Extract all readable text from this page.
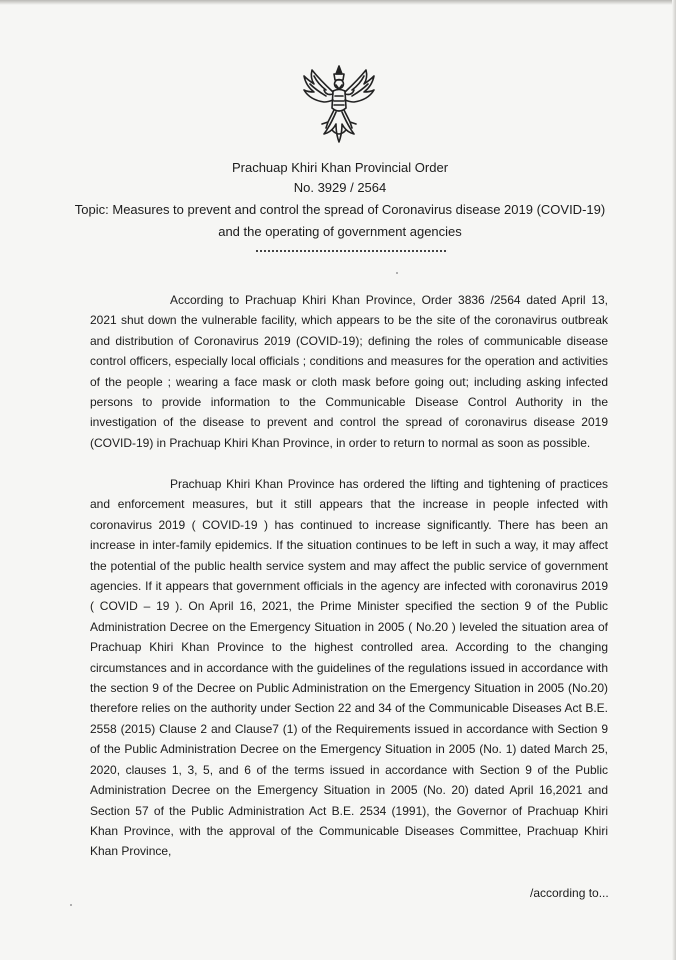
Prachuap Khiri Khan Provincial Order
No. 3929 / 2564
Topic: Measures to prevent and control the spread of Coronavirus disease 2019 (COVID-19)
and the operating of government agencies

According to Prachuap Khiri Khan Province, Order 3836 /2564 dated April 13, 2021 shut down the vulnerable facility, which appears to be the site of the coronavirus outbreak and distribution of Coronavirus 2019 (COVID-19); defining the roles of communicable disease control officers, especially local officials ; conditions and measures for the operation and activities of the people ; wearing a face mask or cloth mask before going out; including asking infected persons to provide information to the Communicable Disease Control Authority in the investigation of the disease to prevent and control the spread of coronavirus disease 2019 (COVID-19) in Prachuap Khiri Khan Province, in order to return to normal as soon as possible.

Prachuap Khiri Khan Province has ordered the lifting and tightening of practices and enforcement measures, but it still appears that the increase in people infected with coronavirus 2019 ( COVID-19 ) has continued to increase significantly. There has been an increase in inter-family epidemics. If the situation continues to be left in such a way, it may affect the potential of the public health service system and may affect the public service of government agencies. If it appears that government officials in the agency are infected with coronavirus 2019 ( COVID – 19 ). On April 16, 2021, the Prime Minister specified the section 9 of the Public Administration Decree on the Emergency Situation in 2005 ( No.20 ) leveled the situation area of Prachuap Khiri Khan Province to the highest controlled area. According to the changing circumstances and in accordance with the guidelines of the regulations issued in accordance with the section 9 of the Decree on Public Administration on the Emergency Situation in 2005 (No.20) therefore relies on the authority under Section 22 and 34 of the Communicable Diseases Act B.E. 2558 (2015) Clause 2 and Clause7 (1) of the Requirements issued in accordance with Section 9 of the Public Administration Decree on the Emergency Situation in 2005 (No. 1) dated March 25, 2020, clauses 1, 3, 5, and 6 of the terms issued in accordance with Section 9 of the Public Administration Decree on the Emergency Situation in 2005 (No. 20) dated April 16,2021 and Section 57 of the Public Administration Act B.E. 2534 (1991), the Governor of Prachuap Khiri Khan Province, with the approval of the Communicable Diseases Committee, Prachuap Khiri Khan Province,

/according to...
